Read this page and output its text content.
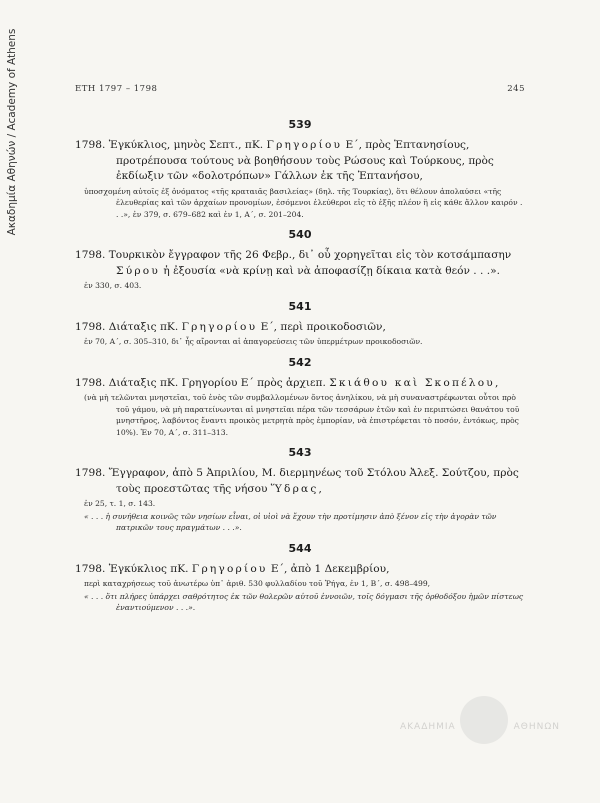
Ακαδημία Αθηνών / Academy of Athens	ΕΤΗ 1797 – 1798	245
539
1798. Ἐγκύκλιος, μηνὸς Σεπτ., πΚ. Γρηγορίου Ε΄, πρὸς Ἑπτανησίους, προτρέπουσα τούτους νὰ βοηθήσουν τοὺς Ρώσους καὶ Τούρκους, πρὸς ἐκδίωξιν τῶν «δολοτρόπων» Γάλλων ἐκ τῆς Ἑπτανήσου,
ὑποσχομένη αὐτοῖς ἐξ ὀνόματος «τῆς κραταιᾶς βασιλείας» (δηλ. τῆς Τουρκίας), ὅτι θέλουν ἀπολαύσει «τῆς ἐλευθερίας καὶ τῶν ἀρχαίων προνομίων, ἐσόμενοι ἐλεύθεροι εἰς τὸ ἑξῆς πλέον ἢ εἰς κάθε ἄλλον καιρόν . . .», ἐν 379, σ. 679–682 καὶ ἐν 1, Α΄, σ. 201–204.
540
1798. Τουρκικὸν ἔγγραφον τῆς 26 Φεβρ., δι᾽ οὗ χορηγεῖται εἰς τὸν κοτσάμπασην Σύρου ἡ ἐξουσία «νὰ κρίνῃ καὶ νὰ ἀποφασίζῃ δίκαια κατὰ θεόν . . .».
ἐν 330, σ. 403.
541
1798. Διάταξις πΚ. Γρηγορίου Ε΄, περὶ προικοδοσιῶν,
ἐν 70, Α΄, σ. 305–310, δι᾽ ἧς αἴρονται αἱ ἀπαγορεύσεις τῶν ὑπερμέτρων προικοδοσιῶν.
542
1798. Διάταξις πΚ. Γρηγορίου Ε΄ πρὸς ἀρχιεπ. Σκιάθου καὶ Σκοπέλου,
(νὰ μὴ τελῶνται μνηστεῖαι, τοῦ ἑνὸς τῶν συμβαλλομένων ὄντος ἀνηλίκου, νὰ μὴ συναναστρέφωνται οὗτοι πρὸ τοῦ γάμου, νὰ μὴ παρατείνωνται αἱ μνηστεῖαι πέρα τῶν τεσσάρων ἐτῶν καὶ ἐν περιπτώσει θανάτου τοῦ μνηστῆρος, λαβόντος ἔναντι προικὸς μετρητὰ πρὸς ἐμπορίαν, νὰ ἐπιστρέφεται τὸ ποσόν, ἐντόκως, πρὸς 10%). Ἐν 70, Α΄, σ. 311–313.
543
1798. Ἔγγραφον, ἀπὸ 5 Ἀπριλίου, Μ. διερμηνέως τοῦ Στόλου Ἀλεξ. Σούτζου, πρὸς τοὺς προεστῶτας τῆς νήσου Ὕδρας,
ἐν 25, τ. 1, σ. 143.
« . . . ἡ συνήθεια κοινῶς τῶν νησίων εἶναι, οἱ υἱοὶ νὰ ἔχουν τὴν προτίμησιν ἀπὸ ξένον εἰς τὴν ἀγορὰν τῶν πατρικῶν τους πραγμάτων . . .».
544
1798. Ἐγκύκλιος πΚ. Γρηγορίου Ε΄, ἀπὸ 1 Δεκεμβρίου,
περὶ καταχρήσεως τοῦ ἀνωτέρω ὑπ᾽ ἀριθ. 530 φυλλαδίου τοῦ Ῥήγα, ἐν 1, Β΄, σ. 498–499,
« . . . ὅτι πλήρες ὑπάρχει σαθρότητος ἐκ τῶν θολερῶν αὐτοῦ ἐννοιῶν, τοῖς δόγμασι τῆς ὀρθοδόξου ἡμῶν πίστεως ἐναντιούμενον . . .».
ΑΚΑΔΗΜΙΑ	ΑΘΗΝΩΝ
